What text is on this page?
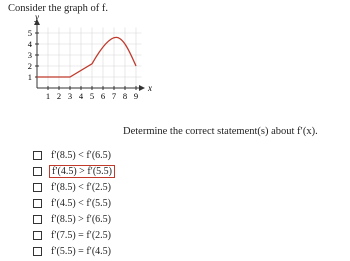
Consider the graph of f.
5
4
3
2
1
1 2 3 4 5 6 7 8 9
y
x
Determine the correct statement(s) about f′(x).
f′(8.5) < f′(6.5)
f′(4.5) > f′(5.5)
f′(8.5) < f′(2.5)
f′(4.5) < f′(5.5)
f′(8.5) > f′(6.5)
f′(7.5) = f′(2.5)
f′(5.5) = f′(4.5)
